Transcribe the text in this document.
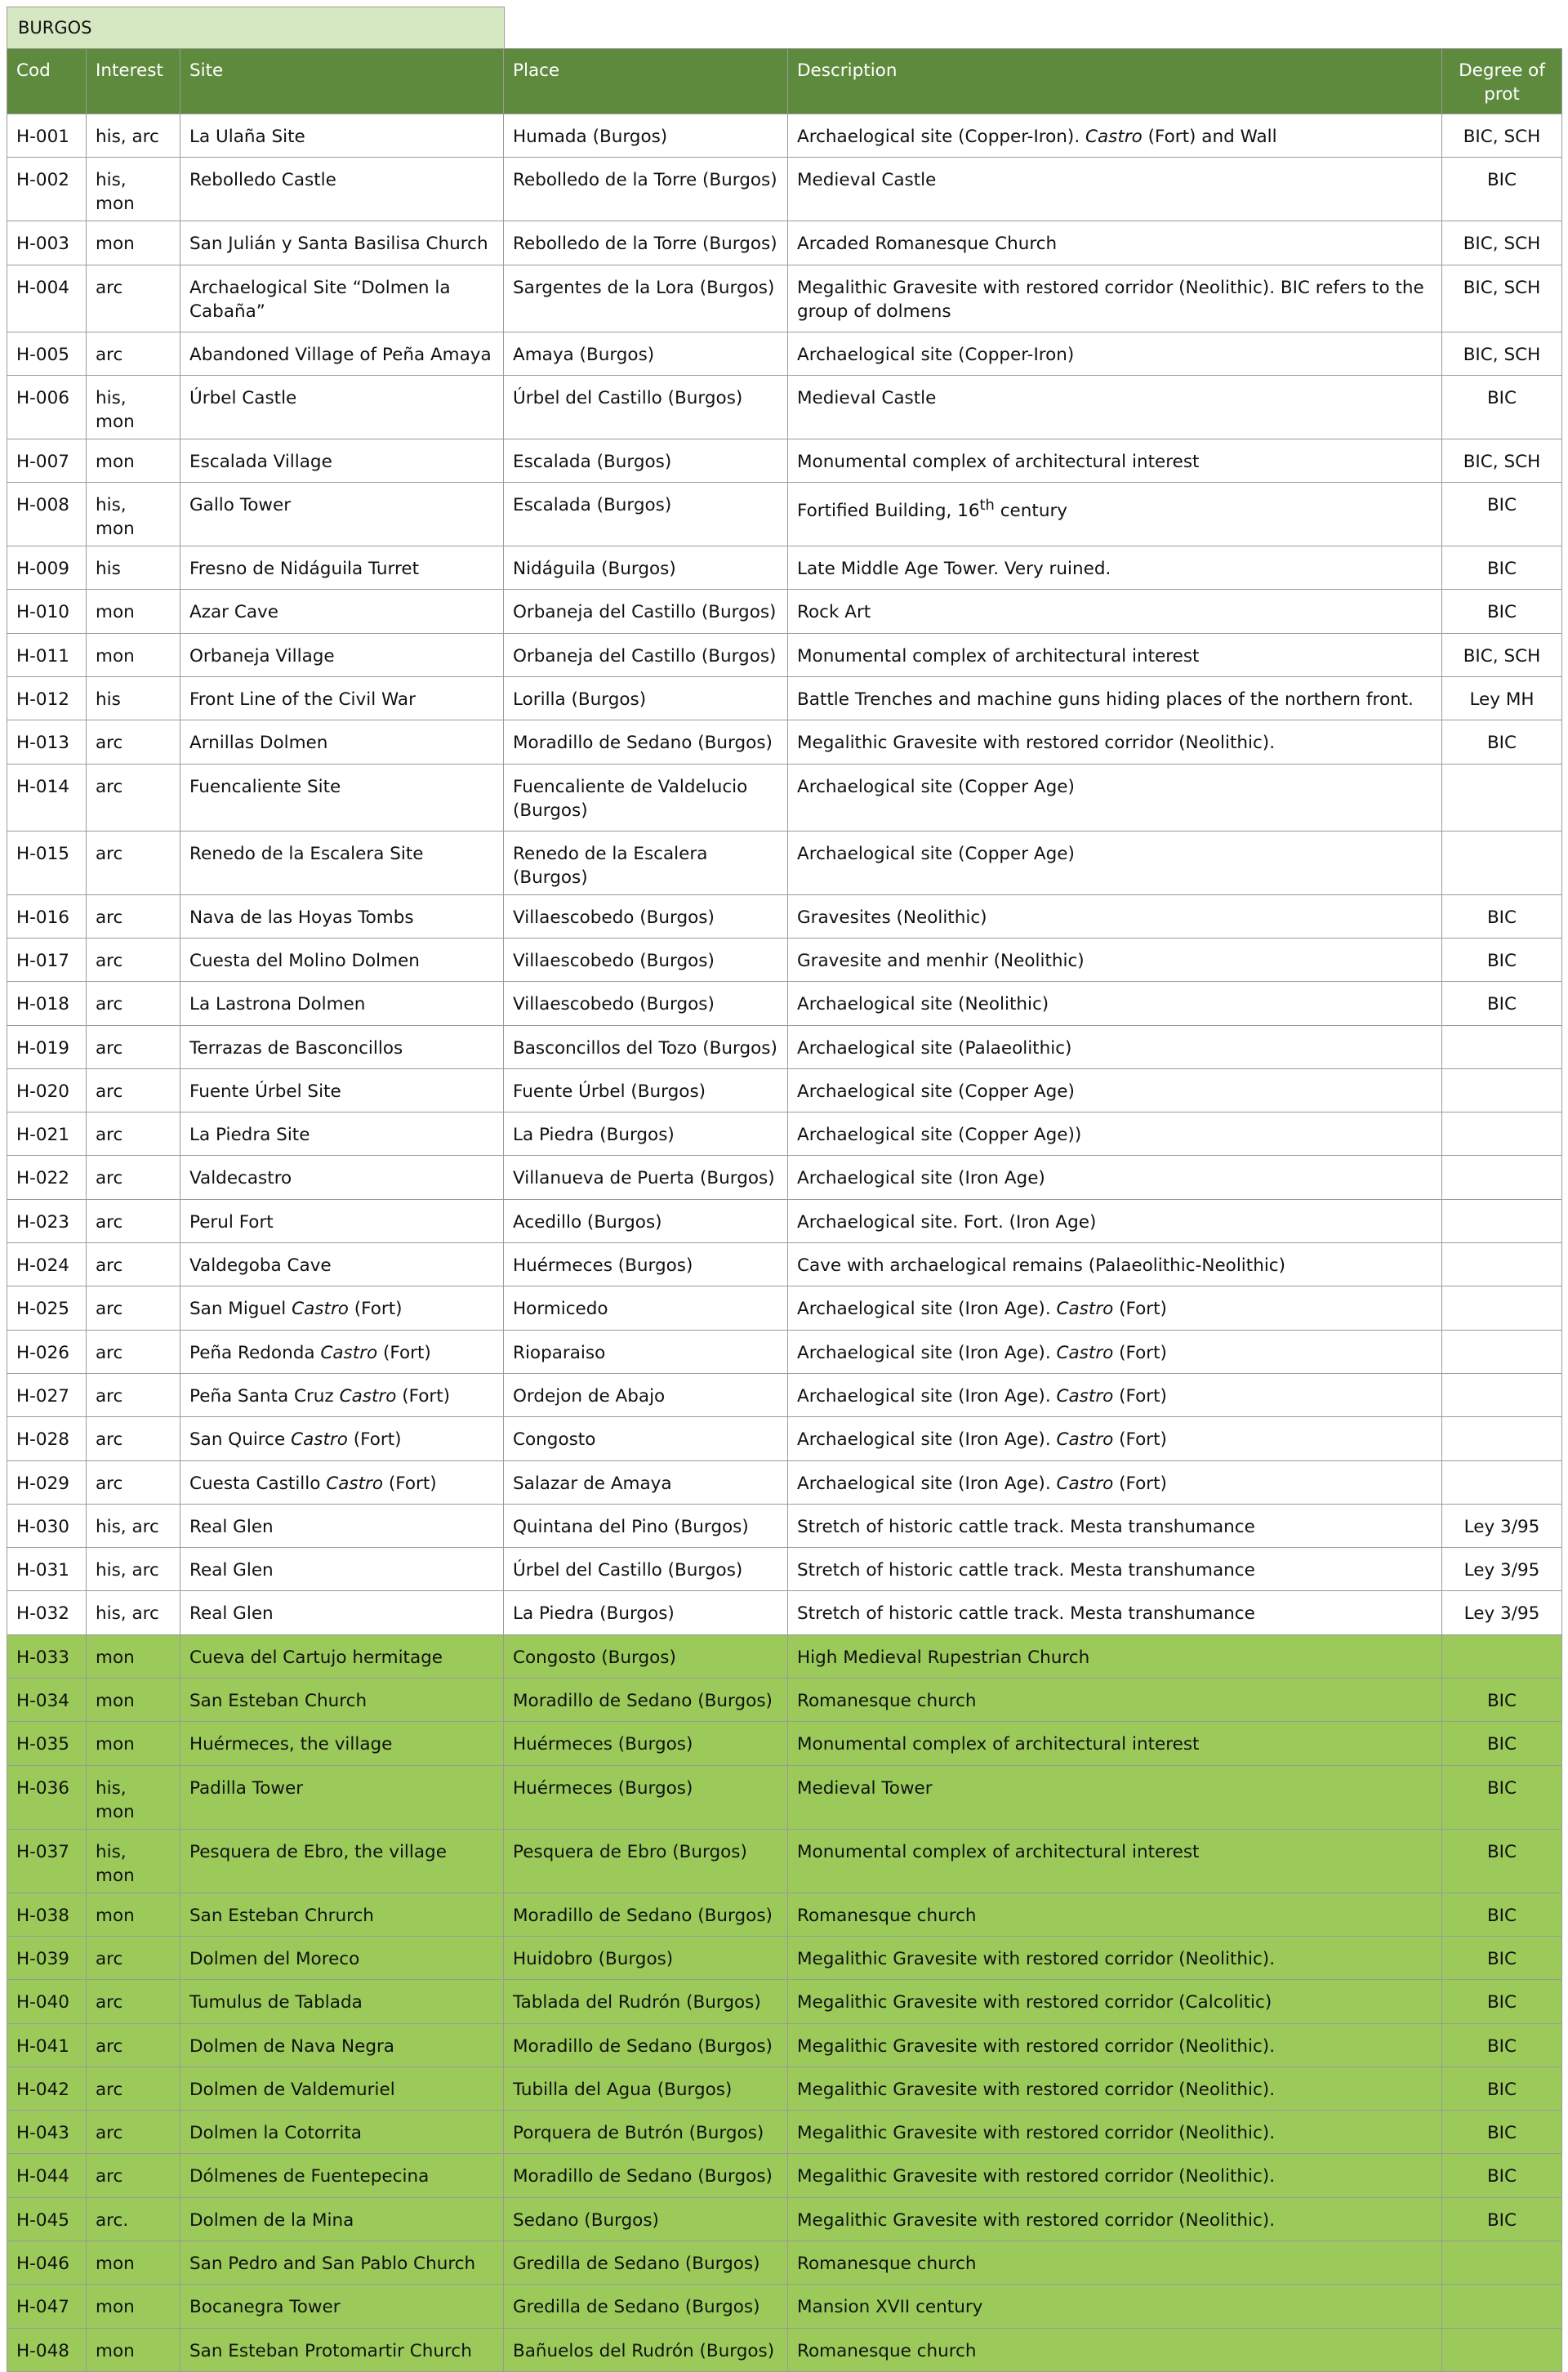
BURGOS
Cod	Interest	Site	Place	Description	Degree of prot
H-001	his, arc	La Ulaña Site	Humada (Burgos)	Archaelogical site (Copper-Iron). Castro (Fort) and Wall	BIC, SCH
H-002	his, mon	Rebolledo Castle	Rebolledo de la Torre (Burgos)	Medieval Castle	BIC
H-003	mon	San Julián y Santa Basilisa Church	Rebolledo de la Torre (Burgos)	Arcaded Romanesque Church	BIC, SCH
H-004	arc	Archaelogical Site “Dolmen la Cabaña”	Sargentes de la Lora (Burgos)	Megalithic Gravesite with restored corridor (Neolithic). BIC refers to the group of dolmens	BIC, SCH
H-005	arc	Abandoned Village of Peña Amaya	Amaya (Burgos)	Archaelogical site (Copper-Iron)	BIC, SCH
H-006	his, mon	Úrbel Castle	Úrbel del Castillo (Burgos)	Medieval Castle	BIC
H-007	mon	Escalada Village	Escalada (Burgos)	Monumental complex of architectural interest	BIC, SCH
H-008	his, mon	Gallo Tower	Escalada (Burgos)	Fortified Building, 16th century	BIC
H-009	his	Fresno de Nidáguila Turret	Nidáguila (Burgos)	Late Middle Age Tower. Very ruined.	BIC
H-010	mon	Azar Cave	Orbaneja del Castillo (Burgos)	Rock Art	BIC
H-011	mon	Orbaneja Village	Orbaneja del Castillo (Burgos)	Monumental complex of architectural interest	BIC, SCH
H-012	his	Front Line of the Civil War	Lorilla (Burgos)	Battle Trenches and machine guns hiding places of the northern front.	Ley MH
H-013	arc	Arnillas Dolmen	Moradillo de Sedano (Burgos)	Megalithic Gravesite with restored corridor (Neolithic).	BIC
H-014	arc	Fuencaliente Site	Fuencaliente de Valdelucio (Burgos)	Archaelogical site (Copper Age)	
H-015	arc	Renedo de la Escalera Site	Renedo de la Escalera (Burgos)	Archaelogical site (Copper Age)	
H-016	arc	Nava de las Hoyas Tombs	Villaescobedo (Burgos)	Gravesites (Neolithic)	BIC
H-017	arc	Cuesta del Molino Dolmen	Villaescobedo (Burgos)	Gravesite and menhir (Neolithic)	BIC
H-018	arc	La Lastrona Dolmen	Villaescobedo (Burgos)	Archaelogical site (Neolithic)	BIC
H-019	arc	Terrazas de Basconcillos	Basconcillos del Tozo (Burgos)	Archaelogical site (Palaeolithic)	
H-020	arc	Fuente Úrbel Site	Fuente Úrbel (Burgos)	Archaelogical site (Copper Age)	
H-021	arc	La Piedra Site	La Piedra (Burgos)	Archaelogical site (Copper Age))	
H-022	arc	Valdecastro	Villanueva de Puerta (Burgos)	Archaelogical site (Iron Age)	
H-023	arc	Perul Fort	Acedillo (Burgos)	Archaelogical site. Fort. (Iron Age)	
H-024	arc	Valdegoba Cave	Huérmeces (Burgos)	Cave with archaelogical remains (Palaeolithic-Neolithic)	
H-025	arc	San Miguel Castro (Fort)	Hormicedo	Archaelogical site (Iron Age). Castro (Fort)	
H-026	arc	Peña Redonda Castro (Fort)	Rioparaiso	Archaelogical site (Iron Age). Castro (Fort)	
H-027	arc	Peña Santa Cruz Castro (Fort)	Ordejon de Abajo	Archaelogical site (Iron Age). Castro (Fort)	
H-028	arc	San Quirce Castro (Fort)	Congosto	Archaelogical site (Iron Age). Castro (Fort)	
H-029	arc	Cuesta Castillo Castro (Fort)	Salazar de Amaya	Archaelogical site (Iron Age). Castro (Fort)	
H-030	his, arc	Real Glen	Quintana del Pino (Burgos)	Stretch of historic cattle track. Mesta transhumance	Ley 3/95
H-031	his, arc	Real Glen	Úrbel del Castillo (Burgos)	Stretch of historic cattle track. Mesta transhumance	Ley 3/95
H-032	his, arc	Real Glen	La Piedra (Burgos)	Stretch of historic cattle track. Mesta transhumance	Ley 3/95
H-033	mon	Cueva del Cartujo hermitage	Congosto (Burgos)	High Medieval Rupestrian Church	
H-034	mon	San Esteban Church	Moradillo de Sedano (Burgos)	Romanesque church	BIC
H-035	mon	Huérmeces, the village	Huérmeces (Burgos)	Monumental complex of architectural interest	BIC
H-036	his, mon	Padilla Tower	Huérmeces (Burgos)	Medieval Tower	BIC
H-037	his, mon	Pesquera de Ebro, the village	Pesquera de Ebro (Burgos)	Monumental complex of architectural interest	BIC
H-038	mon	San Esteban Chrurch	Moradillo de Sedano (Burgos)	Romanesque church	BIC
H-039	arc	Dolmen del Moreco	Huidobro (Burgos)	Megalithic Gravesite with restored corridor (Neolithic).	BIC
H-040	arc	Tumulus de Tablada	Tablada del Rudrón (Burgos)	Megalithic Gravesite with restored corridor (Calcolitic)	BIC
H-041	arc	Dolmen de Nava Negra	Moradillo de Sedano (Burgos)	Megalithic Gravesite with restored corridor (Neolithic).	BIC
H-042	arc	Dolmen de Valdemuriel	Tubilla del Agua (Burgos)	Megalithic Gravesite with restored corridor (Neolithic).	BIC
H-043	arc	Dolmen la Cotorrita	Porquera de Butrón (Burgos)	Megalithic Gravesite with restored corridor (Neolithic).	BIC
H-044	arc	Dólmenes de Fuentepecina	Moradillo de Sedano (Burgos)	Megalithic Gravesite with restored corridor (Neolithic).	BIC
H-045	arc.	Dolmen de la Mina	Sedano (Burgos)	Megalithic Gravesite with restored corridor (Neolithic).	BIC
H-046	mon	San Pedro and San Pablo Church	Gredilla de Sedano (Burgos)	Romanesque church	
H-047	mon	Bocanegra Tower	Gredilla de Sedano (Burgos)	Mansion XVII century	
H-048	mon	San Esteban Protomartir Church	Bañuelos del Rudrón (Burgos)	Romanesque church	
